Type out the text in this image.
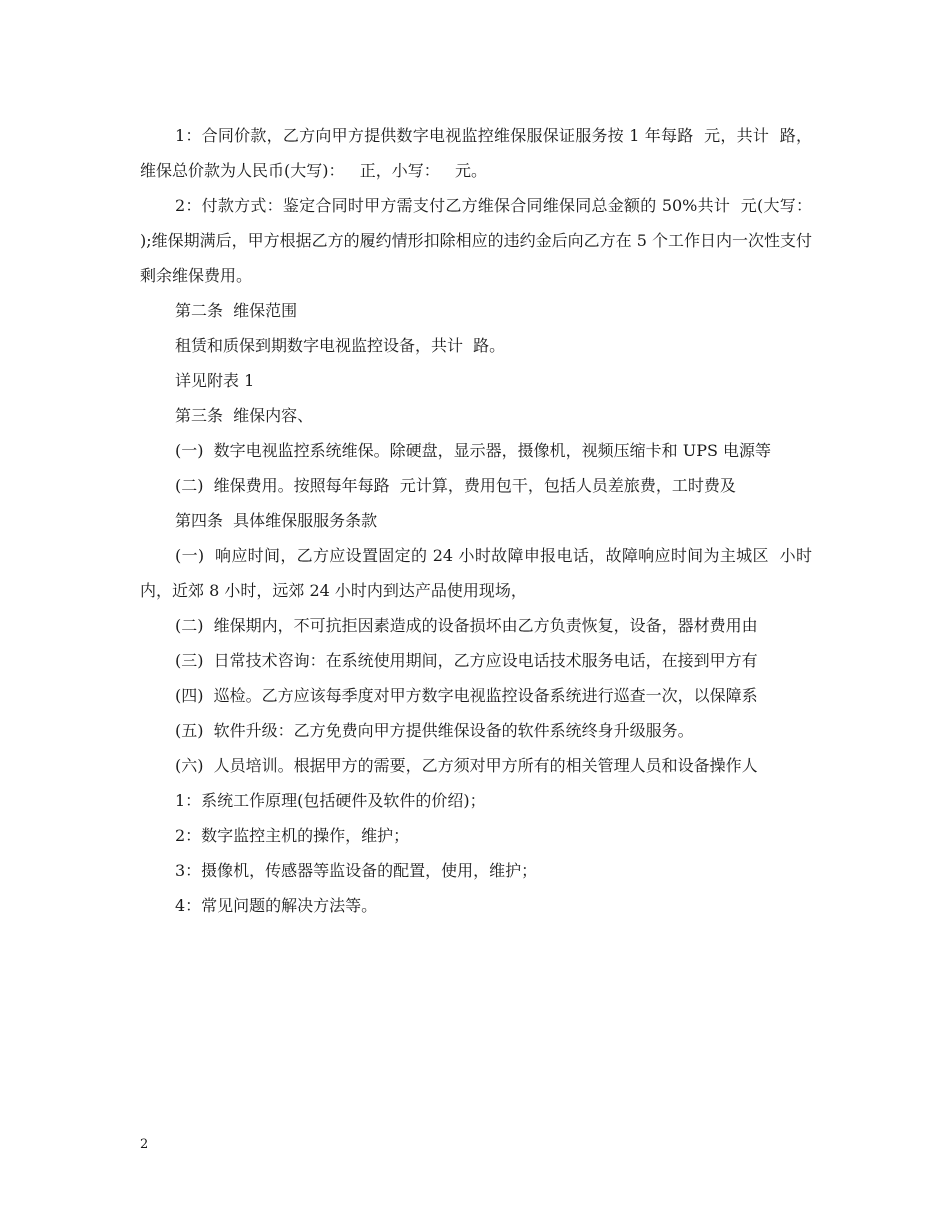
1：合同价款，乙方向甲方提供数字电视监控维保服保证服务按 1 年每路  元，共计  路，维保总价款为人民币(大写)：   正，小写：   元。

2：付款方式：鉴定合同时甲方需支付乙方维保合同维保同总金额的 50%共计  元(大写：  );维保期满后，甲方根据乙方的履约情形扣除相应的违约金后向乙方在 5 个工作日内一次性支付剩余维保费用。

第二条  维保范围

租赁和质保到期数字电视监控设备，共计  路。

详见附表 1

第三条  维保内容、

(一)  数字电视监控系统维保。除硬盘，显示器，摄像机，视频压缩卡和 UPS 电源等

(二)  维保费用。按照每年每路  元计算，费用包干，包括人员差旅费，工时费及

第四条  具体维保服服务条款

(一)  响应时间，乙方应设置固定的 24 小时故障申报电话，故障响应时间为主城区  小时内，近郊 8 小时，远郊 24 小时内到达产品使用现场，

(二)  维保期内，不可抗拒因素造成的设备损坏由乙方负责恢复，设备，器材费用由

(三)  日常技术咨询：在系统使用期间，乙方应设电话技术服务电话，在接到甲方有

(四)  巡检。乙方应该每季度对甲方数字电视监控设备系统进行巡查一次，以保障系

(五)  软件升级：乙方免费向甲方提供维保设备的软件系统终身升级服务。

(六)  人员培训。根据甲方的需要，乙方须对甲方所有的相关管理人员和设备操作人

1：系统工作原理(包括硬件及软件的价绍)；

2：数字监控主机的操作，维护；

3：摄像机，传感器等监设备的配置，使用，维护；

4：常见问题的解决方法等。

2
